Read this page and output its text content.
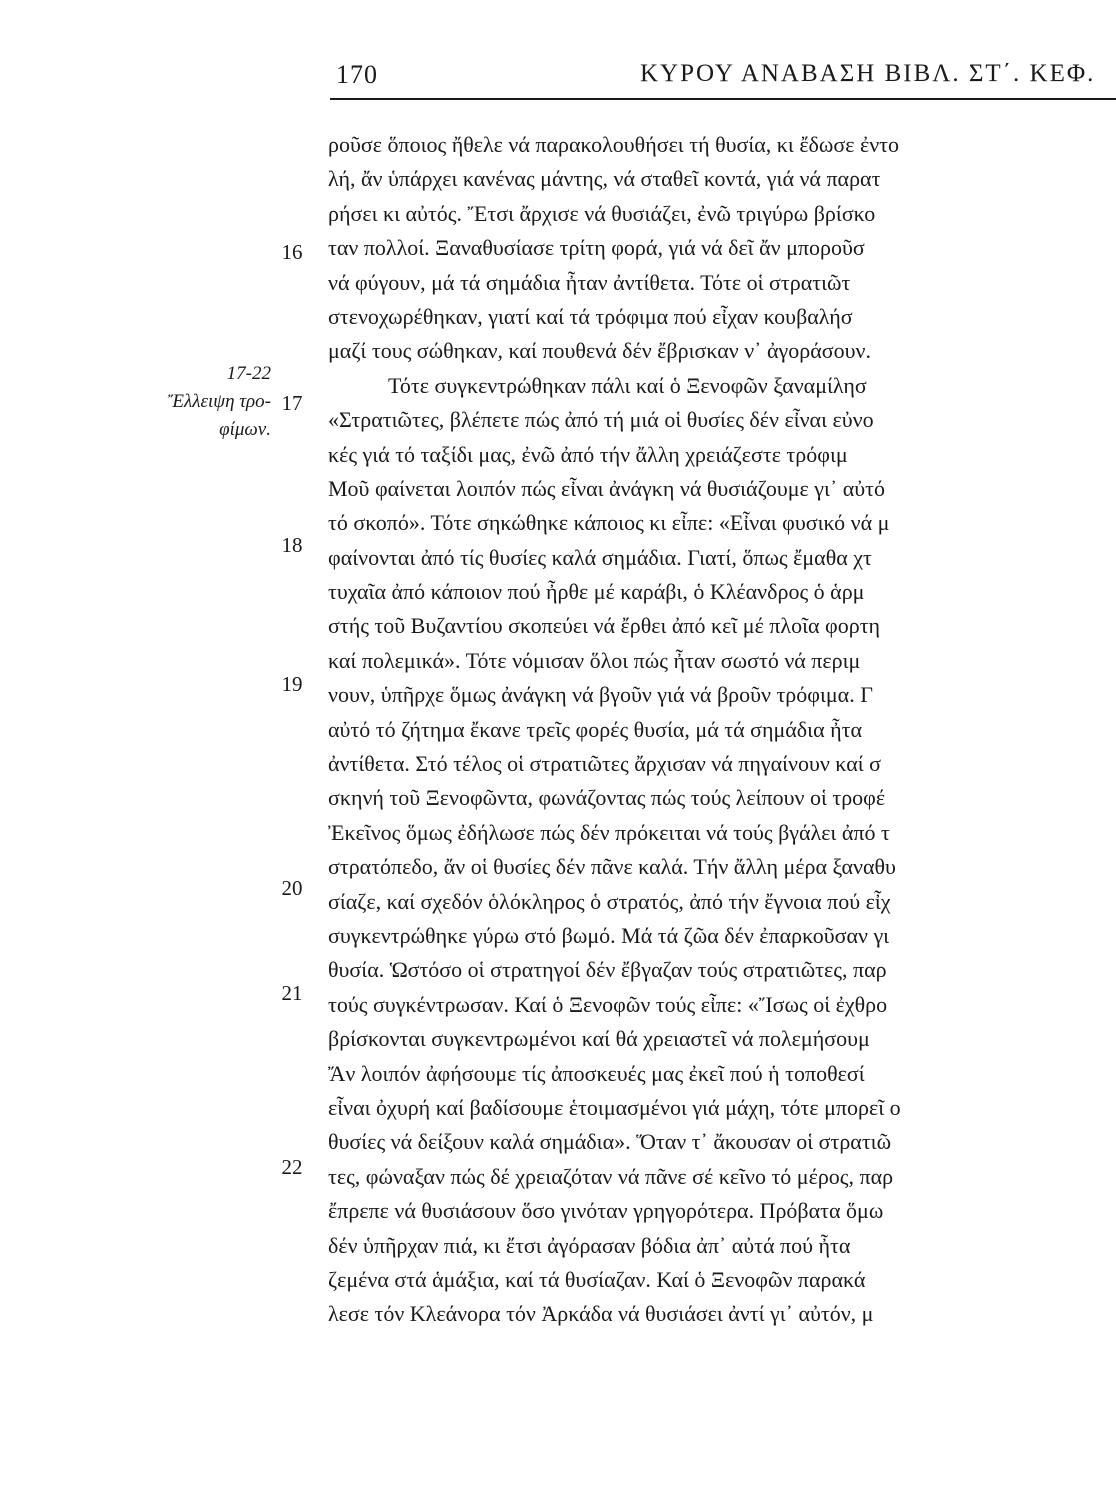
170	ΚΥΡΟΥ ΑΝΑΒΑΣΗ ΒΙΒΛ. ΣΤ΄. ΚΕΦ.
17-22
Ἔλλειψη τρο-
φίμων.
16
17
18
19
20
21
22
ροῦσε ὅποιος ἤθελε νά παρακολουθήσει τή θυσία, κι ἔδωσε ἐντο
λή, ἄν ὑπάρχει κανένας μάντης, νά σταθεῖ κοντά, γιά νά παρατ
ρήσει κι αὐτός. Ἔτσι ἄρχισε νά θυσιάζει, ἐνῶ τριγύρω βρίσκο
ταν πολλοί. Ξαναθυσίασε τρίτη φορά, γιά νά δεῖ ἄν μποροῦσ
νά φύγουν, μά τά σημάδια ἦταν ἀντίθετα. Τότε οἱ στρατιῶτ
στενοχωρέθηκαν, γιατί καί τά τρόφιμα πού εἶχαν κουβαλήσ
μαζί τους σώθηκαν, καί πουθενά δέν ἔβρισκαν ν᾽ ἀγοράσουν.
Τότε συγκεντρώθηκαν πάλι καί ὁ Ξενοφῶν ξαναμίλησ
«Στρατιῶτες, βλέπετε πώς ἀπό τή μιά οἱ θυσίες δέν εἶναι εὐνο
κές γιά τό ταξίδι μας, ἐνῶ ἀπό τήν ἄλλη χρειάζεστε τρόφιμ
Μοῦ φαίνεται λοιπόν πώς εἶναι ἀνάγκη νά θυσιάζουμε γι᾽ αὐτό
τό σκοπό». Τότε σηκώθηκε κάποιος κι εἶπε: «Εἶναι φυσικό νά μ
φαίνονται ἀπό τίς θυσίες καλά σημάδια. Γιατί, ὅπως ἔμαθα χτ
τυχαῖα ἀπό κάποιον πού ἦρθε μέ καράβι, ὁ Κλέανδρος ὁ ἁρμ
στής τοῦ Βυζαντίου σκοπεύει νά ἔρθει ἀπό κεῖ μέ πλοῖα φορτη
καί πολεμικά». Τότε νόμισαν ὅλοι πώς ἦταν σωστό νά περιμ
νουν, ὑπῆρχε ὅμως ἀνάγκη νά βγοῦν γιά νά βροῦν τρόφιμα. Γ
αὐτό τό ζήτημα ἔκανε τρεῖς φορές θυσία, μά τά σημάδια ἦτα
ἀντίθετα. Στό τέλος οἱ στρατιῶτες ἄρχισαν νά πηγαίνουν καί σ
σκηνή τοῦ Ξενοφῶντα, φωνάζοντας πώς τούς λείπουν οἱ τροφέ
Ἐκεῖνος ὅμως ἐδήλωσε πώς δέν πρόκειται νά τούς βγάλει ἀπό τ
στρατόπεδο, ἄν οἱ θυσίες δέν πᾶνε καλά. Τήν ἄλλη μέρα ξαναθυ
σίαζε, καί σχεδόν ὁλόκληρος ὁ στρατός, ἀπό τήν ἔγνοια πού εἶχ
συγκεντρώθηκε γύρω στό βωμό. Μά τά ζῶα δέν ἐπαρκοῦσαν γι
θυσία. Ὡστόσο οἱ στρατηγοί δέν ἔβγαζαν τούς στρατιῶτες, παρ
τούς συγκέντρωσαν. Καί ὁ Ξενοφῶν τούς εἶπε: «Ἴσως οἱ ἐχθρο
βρίσκονται συγκεντρωμένοι καί θά χρειαστεῖ νά πολεμήσουμ
Ἄν λοιπόν ἀφήσουμε τίς ἀποσκευές μας ἐκεῖ πού ἡ τοποθεσί
εἶναι ὀχυρή καί βαδίσουμε ἑτοιμασμένοι γιά μάχη, τότε μπορεῖ ο
θυσίες νά δείξουν καλά σημάδια». Ὅταν τ᾽ ἄκουσαν οἱ στρατιῶ
τες, φώναξαν πώς δέ χρειαζόταν νά πᾶνε σέ κεῖνο τό μέρος, παρ
ἔπρεπε νά θυσιάσουν ὅσο γινόταν γρηγορότερα. Πρόβατα ὅμω
δέν ὑπῆρχαν πιά, κι ἔτσι ἀγόρασαν βόδια ἀπ᾽ αὐτά πού ἦτα
ζεμένα στά ἁμάξια, καί τά θυσίαζαν. Καί ὁ Ξενοφῶν παρακά
λεσε τόν Κλεάνορα τόν Ἀρκάδα νά θυσιάσει ἀντί γι᾽ αὐτόν, μ
